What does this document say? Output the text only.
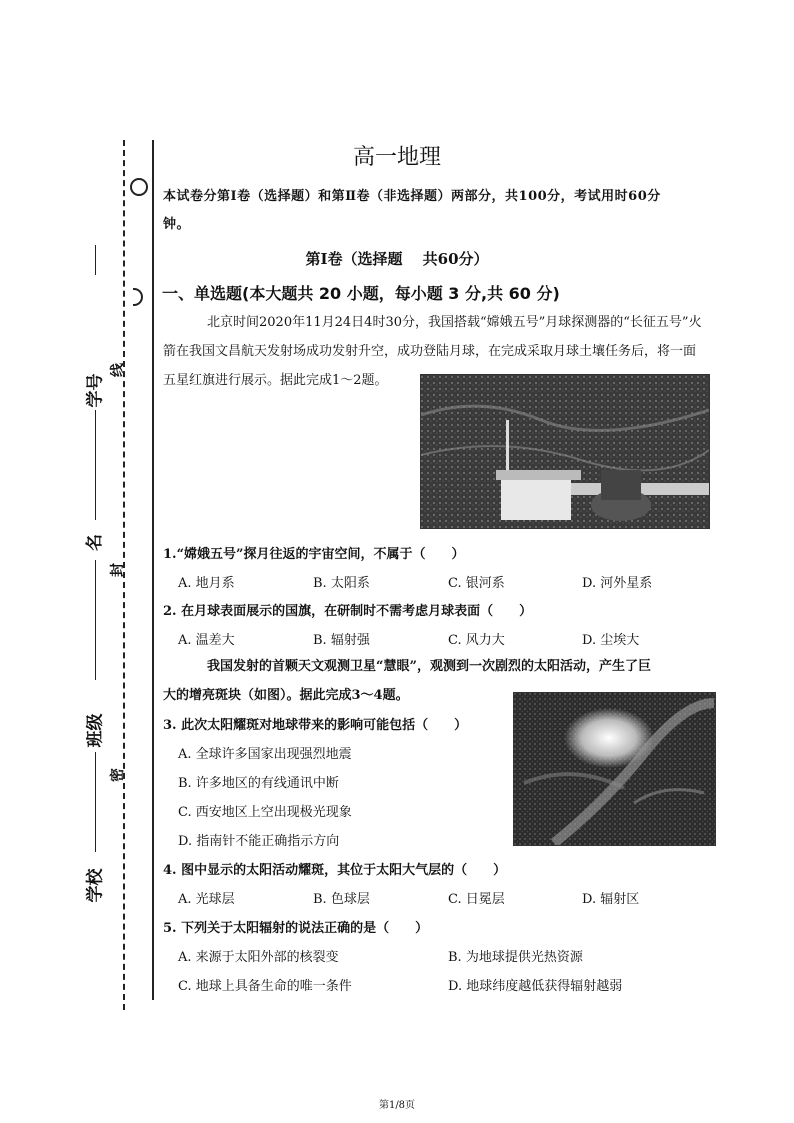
线
封
密
学号
名
班级
学校
高一地理
本试卷分第Ⅰ卷（选择题）和第Ⅱ卷（非选择题）两部分，共100分，考试用时60分
钟。
第Ⅰ卷（选择题　 共60分）
一、单选题(本大题共 20 小题，每小题 3 分,共 60 分)
北京时间2020年11月24日4时30分，我国搭载“嫦娥五号”月球探测器的“长征五号”火
箭在我国文昌航天发射场成功发射升空，成功登陆月球，在完成采取月球土壤任务后，将一面
五星红旗进行展示。据此完成1～2题。
1.“嫦娥五号”探月往返的宇宙空间，不属于（　　）
A. 地月系	B. 太阳系	C. 银河系	D. 河外星系
2. 在月球表面展示的国旗，在研制时不需考虑月球表面（　　）
A. 温差大	B. 辐射强	C. 风力大	D. 尘埃大
我国发射的首颗天文观测卫星“慧眼”，观测到一次剧烈的太阳活动，产生了巨
大的增亮斑块（如图）。据此完成3～4题。
3. 此次太阳耀斑对地球带来的影响可能包括（　　）
A. 全球许多国家出现强烈地震
B. 许多地区的有线通讯中断
C. 西安地区上空出现极光现象
D. 指南针不能正确指示方向
4. 图中显示的太阳活动耀斑，其位于太阳大气层的（　　）
A. 光球层	B. 色球层	C. 日冕层	D. 辐射区
5. 下列关于太阳辐射的说法正确的是（　　）
A. 来源于太阳外部的核裂变	B. 为地球提供光热资源
C. 地球上具备生命的唯一条件	D. 地球纬度越低获得辐射越弱
第1/8页
